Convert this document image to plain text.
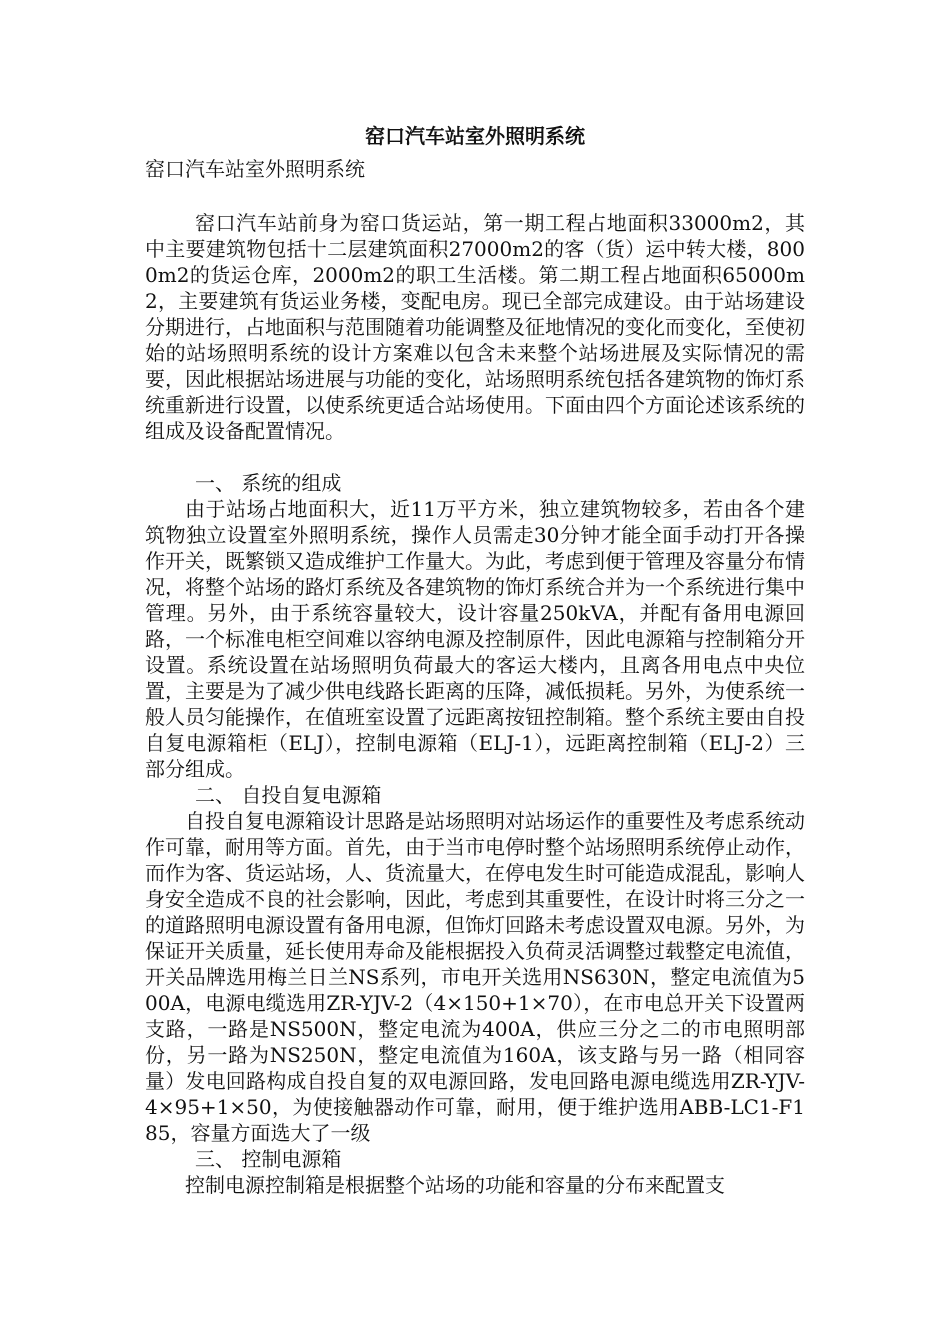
窑口汽车站室外照明系统
窑口汽车站室外照明系统

窑口汽车站前身为窑口货运站，第一期工程占地面积33000m2，其中主要建筑物包括十二层建筑面积27000m2的客（货）运中转大楼，8000m2的货运仓库，2000m2的职工生活楼。第二期工程占地面积65000m2，主要建筑有货运业务楼，变配电房。现已全部完成建设。由于站场建设分期进行，占地面积与范围随着功能调整及征地情况的变化而变化，至使初始的站场照明系统的设计方案难以包含未来整个站场进展及实际情况的需要，因此根据站场进展与功能的变化，站场照明系统包括各建筑物的饰灯系统重新进行设置，以使系统更适合站场使用。下面由四个方面论述该系统的组成及设备配置情况。

一、 系统的组成

由于站场占地面积大，近11万平方米，独立建筑物较多，若由各个建筑物独立设置室外照明系统，操作人员需走30分钟才能全面手动打开各操作开关，既繁锁又造成维护工作量大。为此，考虑到便于管理及容量分布情况，将整个站场的路灯系统及各建筑物的饰灯系统合并为一个系统进行集中管理。另外，由于系统容量较大，设计容量250kVA，并配有备用电源回路，一个标准电柜空间难以容纳电源及控制原件，因此电源箱与控制箱分开设置。系统设置在站场照明负荷最大的客运大楼内，且离各用电点中央位置，主要是为了减少供电线路长距离的压降，减低损耗。另外，为使系统一般人员匀能操作，在值班室设置了远距离按钮控制箱。整个系统主要由自投自复电源箱柜（ELJ），控制电源箱（ELJ-1），远距离控制箱（ELJ-2）三部分组成。

二、 自投自复电源箱

自投自复电源箱设计思路是站场照明对站场运作的重要性及考虑系统动作可靠，耐用等方面。首先，由于当市电停时整个站场照明系统停止动作，而作为客、货运站场，人、货流量大，在停电发生时可能造成混乱，影响人身安全造成不良的社会影响，因此，考虑到其重要性，在设计时将三分之一的道路照明电源设置有备用电源，但饰灯回路未考虑设置双电源。另外，为保证开关质量，延长使用寿命及能根据投入负荷灵活调整过载整定电流值，开关品牌选用梅兰日兰NS系列，市电开关选用NS630N，整定电流值为500A，电源电缆选用ZR-YJV-2（4×150+1×70），在市电总开关下设置两支路，一路是NS500N，整定电流为400A，供应三分之二的市电照明部份，另一路为NS250N，整定电流值为160A，该支路与另一路（相同容量）发电回路构成自投自复的双电源回路，发电回路电源电缆选用ZR-YJV-4×95+1×50，为使接触器动作可靠，耐用，便于维护选用ABB-LC1-F185，容量方面选大了一级

三、 控制电源箱

控制电源控制箱是根据整个站场的功能和容量的分布来配置支
